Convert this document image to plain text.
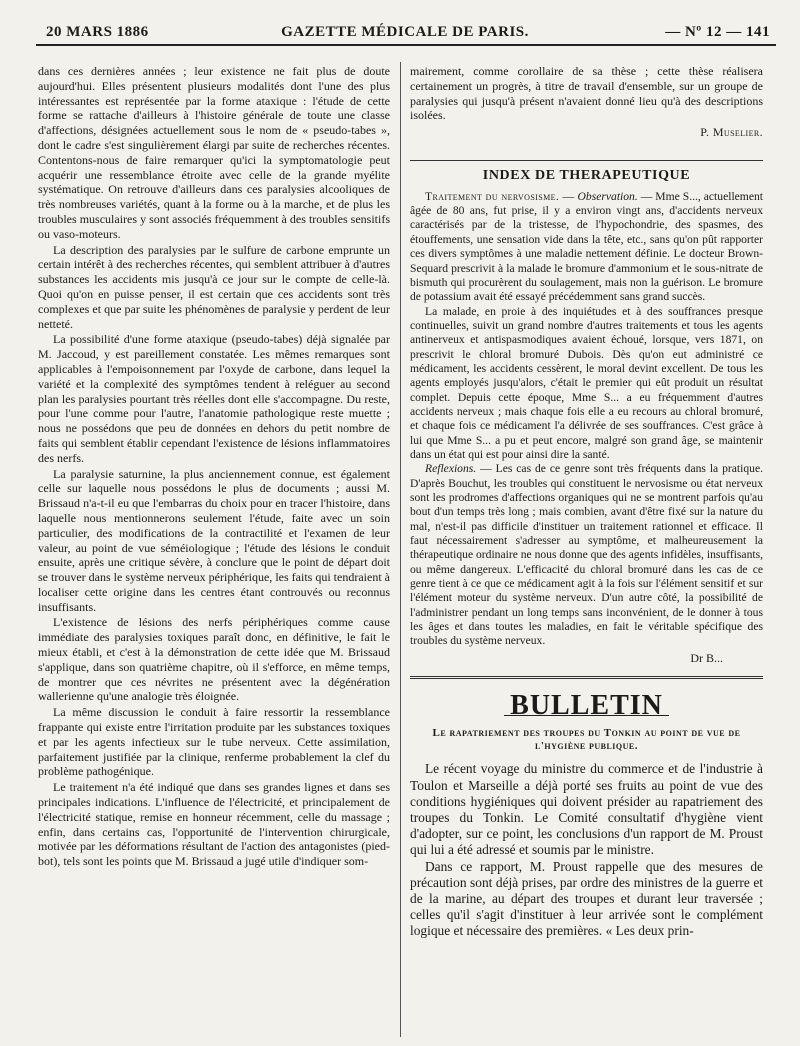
20 MARS 1886	GAZETTE MÉDICALE DE PARIS.	— Nº 12 — 141

dans ces dernières années ; leur existence ne fait plus de doute aujourd'hui. Elles présentent plusieurs modalités dont l'une des plus intéressantes est représentée par la forme ataxique : l'étude de cette forme se rattache d'ailleurs à l'histoire générale de toute une classe d'affections, désignées actuellement sous le nom de « pseudo-tabes », dont le cadre s'est singulièrement élargi par suite de recherches récentes. Contentons-nous de faire remarquer qu'ici la symptomatologie peut acquérir une ressemblance étroite avec celle de la grande myélite systématique. On retrouve d'ailleurs dans ces paralysies alcooliques de très nombreuses variétés, quant à la forme ou à la marche, et de plus les troubles musculaires y sont associés fréquemment à des troubles sensitifs ou vaso-moteurs.

La description des paralysies par le sulfure de carbone emprunte un certain intérêt à des recherches récentes, qui semblent attribuer à d'autres substances les accidents mis jusqu'à ce jour sur le compte de celle-là. Quoi qu'on en puisse penser, il est certain que ces accidents sont très complexes et que par suite les phénomènes de paralysie y perdent de leur netteté.

La possibilité d'une forme ataxique (pseudo-tabes) déjà signalée par M. Jaccoud, y est pareillement constatée. Les mêmes remarques sont applicables à l'empoisonnement par l'oxyde de carbone, dans lequel la variété et la complexité des symptômes tendent à reléguer au second plan les paralysies pourtant très réelles dont elle s'accompagne. Du reste, pour l'une comme pour l'autre, l'anatomie pathologique reste muette ; nous ne possédons que peu de données en dehors du petit nombre de faits qui semblent établir cependant l'existence de lésions inflammatoires des nerfs.

La paralysie saturnine, la plus anciennement connue, est également celle sur laquelle nous possédons le plus de documents ; aussi M. Brissaud n'a-t-il eu que l'embarras du choix pour en tracer l'histoire, dans laquelle nous mentionnerons seulement l'étude, faite avec un soin particulier, des modifications de la contractilité et l'examen de leur valeur, au point de vue séméiologique ; l'étude des lésions le conduit ensuite, après une critique sévère, à conclure que le point de départ doit se trouver dans le système nerveux périphérique, les faits qui tendraient à localiser cette origine dans les centres étant controuvés ou reconnus insuffisants.

L'existence de lésions des nerfs périphériques comme cause immédiate des paralysies toxiques paraît donc, en définitive, le fait le mieux établi, et c'est à la démonstration de cette idée que M. Brissaud s'applique, dans son quatrième chapitre, où il s'efforce, en même temps, de montrer que ces névrites ne présentent avec la dégénération wallerienne qu'une analogie très éloignée.

La même discussion le conduit à faire ressortir la ressemblance frappante qui existe entre l'irritation produite par les substances toxiques et par les agents infectieux sur le tube nerveux. Cette assimilation, parfaitement justifiée par la clinique, renferme probablement la clef du problème pathogénique.

Le traitement n'a été indiqué que dans ses grandes lignes et dans ses principales indications. L'influence de l'électricité, et principalement de l'électricité statique, remise en honneur récemment, celle du massage ; enfin, dans certains cas, l'opportunité de l'intervention chirurgicale, motivée par les déformations résultant de l'action des antagonistes (pied-bot), tels sont les points que M. Brissaud a jugé utile d'indiquer som-

mairement, comme corollaire de sa thèse ; cette thèse réalisera certainement un progrès, à titre de travail d'ensemble, sur un groupe de paralysies qui jusqu'à présent n'avaient donné lieu qu'à des descriptions isolées.

P. Muselier.
INDEX DE THERAPEUTIQUE

Traitement du nervosisme. — Observation. — Mme S..., actuellement âgée de 80 ans, fut prise, il y a environ vingt ans, d'accidents nerveux caractérisés par de la tristesse, de l'hypochondrie, des spasmes, des étouffements, une sensation vide dans la tête, etc., sans qu'on pût rapporter ces divers symptômes à une maladie nettement définie. Le docteur Brown-Sequard prescrivit à la malade le bromure d'ammonium et le sous-nitrate de bismuth qui procurèrent du soulagement, mais non la guérison. Le bromure de potassium avait été essayé précédemment sans grand succès.

La malade, en proie à des inquiétudes et à des souffrances presque continuelles, suivit un grand nombre d'autres traitements et tous les agents antinerveux et antispasmodiques avaient échoué, lorsque, vers 1871, on prescrivit le chloral bromuré Dubois. Dès qu'on eut administré ce médicament, les accidents cessèrent, le moral devint excellent. De tous les agents employés jusqu'alors, c'était le premier qui eût produit un résultat complet. Depuis cette époque, Mme S... a eu fréquemment d'autres accidents nerveux ; mais chaque fois elle a eu recours au chloral bromuré, et chaque fois ce médicament l'a délivrée de ses souffrances. C'est grâce à lui que Mme S... a pu et peut encore, malgré son grand âge, se maintenir dans un état qui est pour ainsi dire la santé.

Reflexions. — Les cas de ce genre sont très fréquents dans la pratique. D'après Bouchut, les troubles qui constituent le nervosisme ou état nerveux sont les prodromes d'affections organiques qui ne se montrent parfois qu'au bout d'un temps très long ; mais combien, avant d'être fixé sur la nature du mal, n'est-il pas difficile d'instituer un traitement rationnel et efficace. Il faut nécessairement s'adresser au symptôme, et malheureusement la thérapeutique ordinaire ne nous donne que des agents infidèles, insuffisants, ou même dangereux. L'efficacité du chloral bromuré dans les cas de ce genre tient à ce que ce médicament agit à la fois sur l'élément sensitif et sur l'élément moteur du système nerveux. D'un autre côté, la possibilité de l'administrer pendant un long temps sans inconvénient, de le donner à tous les âges et dans toutes les maladies, en fait le véritable spécifique des troubles du système nerveux.

Dr B...
BULLETIN
Le rapatriement des troupes du Tonkin au point de vue de l'hygiène publique.

Le récent voyage du ministre du commerce et de l'industrie à Toulon et Marseille a déjà porté ses fruits au point de vue des conditions hygiéniques qui doivent présider au rapatriement des troupes du Tonkin. Le Comité consultatif d'hygiène vient d'adopter, sur ce point, les conclusions d'un rapport de M. Proust qui lui a été adressé et soumis par le ministre.

Dans ce rapport, M. Proust rappelle que des mesures de précaution sont déjà prises, par ordre des ministres de la guerre et de la marine, au départ des troupes et durant leur traversée ; celles qu'il s'agit d'instituer à leur arrivée sont le complément logique et nécessaire des premières. « Les deux prin-
